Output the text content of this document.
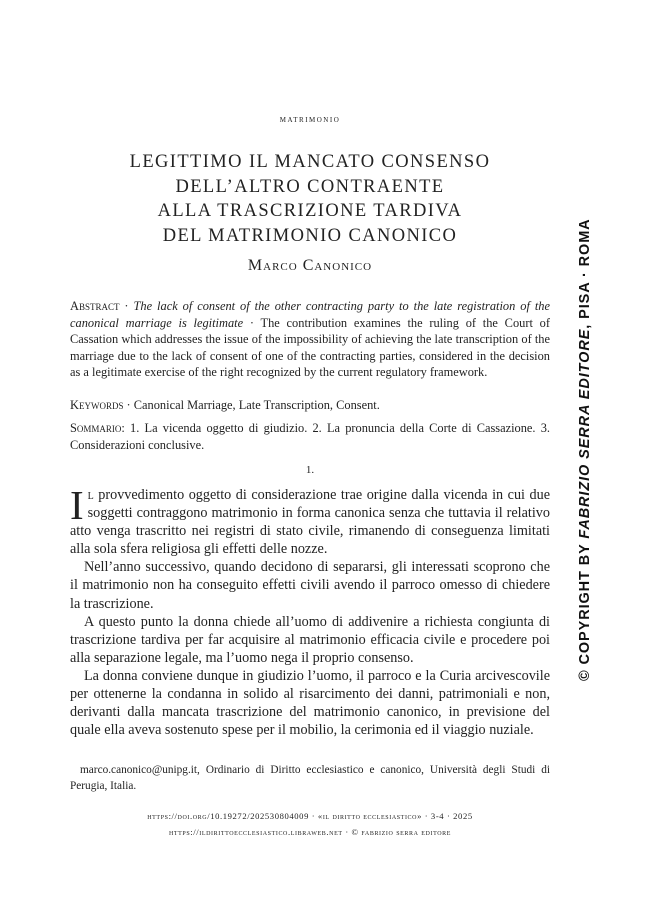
matrimonio
LEGITTIMO IL MANCATO CONSENSO
DELL’ALTRO CONTRAENTE
ALLA TRASCRIZIONE TARDIVA
DEL MATRIMONIO CANONICO
Marco Canonico

Abstract · The lack of consent of the other contracting party to the late registration of the canonical marriage is legitimate · The contribution examines the ruling of the Court of Cassation which addresses the issue of the impossibility of achieving the late transcription of the marriage due to the lack of consent of one of the contracting parties, considered in the decision as a legitimate exercise of the right recognized by the current regulatory framework.

Keywords · Canonical Marriage, Late Transcription, Consent.

Sommario: 1. La vicenda oggetto di giudizio. 2. La pronuncia della Corte di Cassazione. 3. Considerazioni conclusive.

1.

Il provvedimento oggetto di considerazione trae origine dalla vicenda in cui due soggetti contraggono matrimonio in forma canonica senza che tuttavia il relativo atto venga trascritto nei registri di stato civile, rimanendo di conseguenza limitati alla sola sfera religiosa gli effetti delle nozze.

Nell’anno successivo, quando decidono di separarsi, gli interessati scoprono che il matrimonio non ha conseguito effetti civili avendo il parroco omesso di chiedere la trascrizione.

A questo punto la donna chiede all’uomo di addivenire a richiesta congiunta di trascrizione tardiva per far acquisire al matrimonio efficacia civile e procedere poi alla separazione legale, ma l’uomo nega il proprio consenso.

La donna conviene dunque in giudizio l’uomo, il parroco e la Curia arcivescovile per ottenerne la condanna in solido al risarcimento dei danni, patrimoniali e non, derivanti dalla mancata trascrizione del matrimonio canonico, in previsione del quale ella aveva sostenuto spese per il mobilio, la cerimonia ed il viaggio nuziale.

marco.canonico@unipg.it, Ordinario di Diritto ecclesiastico e canonico, Università degli Studi di Perugia, Italia.

https://doi.org/10.19272/202530804009 · «il diritto ecclesiastico» · 3-4 · 2025
https://ildirittoecclesiastico.libraweb.net · © fabrizio serra editore
© COPYRIGHT BY FABRIZIO SERRA EDITORE, PISA · ROMA
